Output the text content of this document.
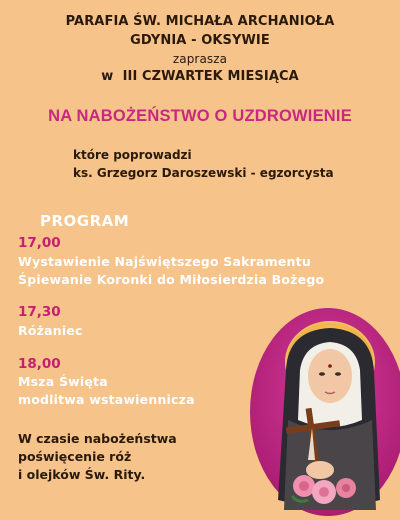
PARAFIA ŚW. MICHAŁA ARCHANIOŁA
GDYNIA - OKSYWIE
zaprasza
w III CZWARTEK MIESIĄCA
NA NABOŻEŃSTWO O UZDROWIENIE
które poprowadzi
ks. Grzegorz Daroszewski - egzorcysta
PROGRAM
17,00
Wystawienie Najświętszego Sakramentu
Śpiewanie Koronki do Miłosierdzia Bożego
17,30
Różaniec
18,00
Msza Święta
modlitwa wstawiennicza
W czasie nabożeństwa
poświęcenie róż
i olejków Św. Rity.
